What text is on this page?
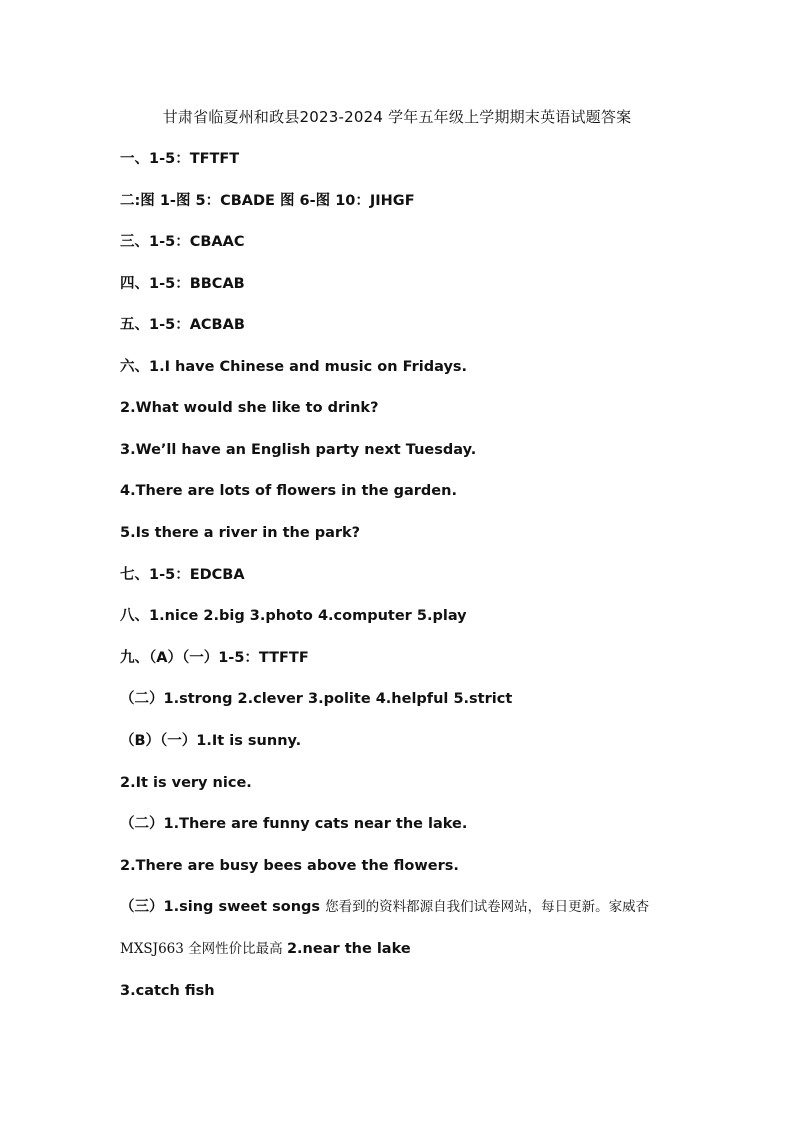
甘肃省临夏州和政县2023-2024 学年五年级上学期期末英语试题答案
一、1-5：TFTFT
二:图 1-图 5：CBADE 图 6-图 10：JIHGF
三、1-5：CBAAC
四、1-5：BBCAB
五、1-5：ACBAB
六、1.I have Chinese and music on Fridays.
2.What would she like to drink?
3.We’ll have an English party next Tuesday.
4.There are lots of flowers in the garden.
5.Is there a river in the park?
七、1-5：EDCBA
八、1.nice 2.big 3.photo 4.computer 5.play
九、（A）（一）1-5：TTFTF
（二）1.strong 2.clever 3.polite 4.helpful 5.strict
（B）（一）1.It is sunny.
2.It is very nice.
（二）1.There are funny cats near the lake.
2.There are busy bees above the flowers.
（三）1.sing sweet songs 您看到的资料都源自我们试卷网站，每日更新。家威杏
MXSJ663 全网性价比最高 2.near the lake
3.catch fish
